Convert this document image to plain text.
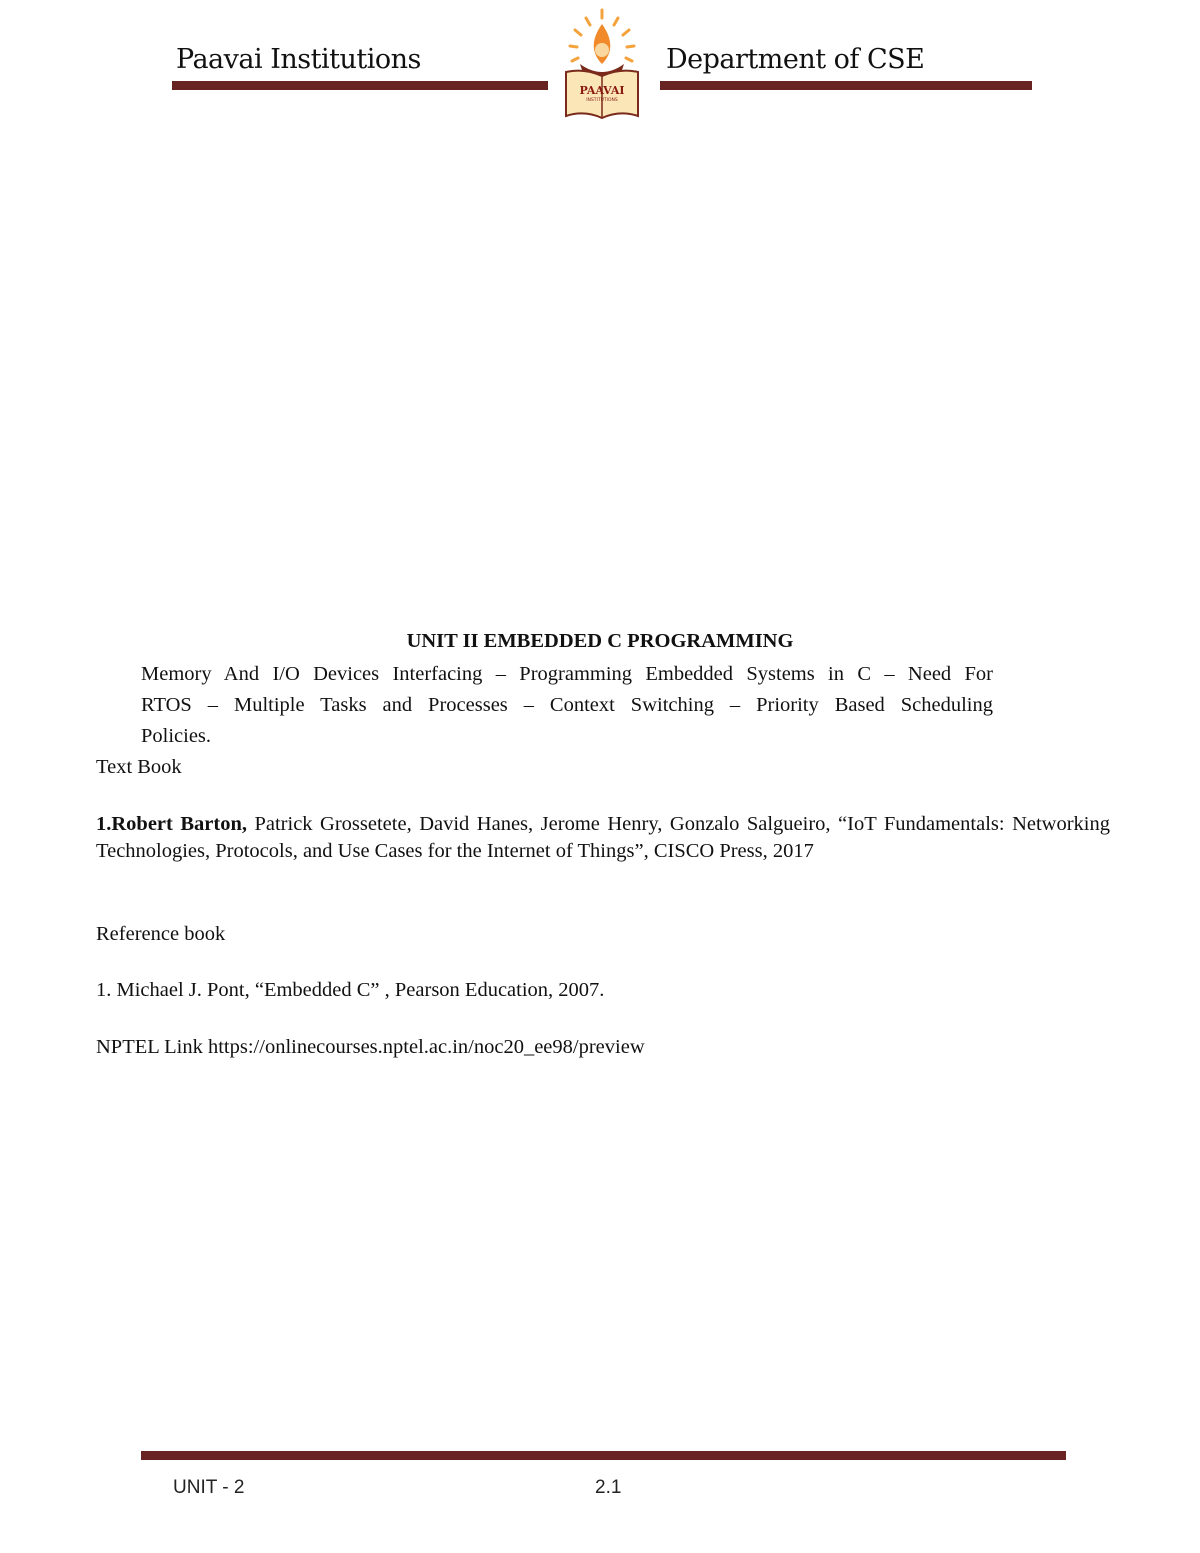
Paavai Institutions
PAAVAI
INSTITUTIONS
Department of CSE
UNIT II EMBEDDED C PROGRAMMING
Memory And I/O Devices Interfacing – Programming Embedded Systems in C – Need For
RTOS – Multiple Tasks and Processes – Context Switching – Priority Based Scheduling
Policies.
Text Book
1.Robert Barton, Patrick Grossetete, David Hanes, Jerome Henry, Gonzalo Salgueiro, “IoT Fundamentals: Networking Technologies, Protocols, and Use Cases for the Internet of Things”, CISCO Press, 2017
Reference book
1. Michael J. Pont, “Embedded C” , Pearson Education, 2007.
NPTEL Link https://onlinecourses.nptel.ac.in/noc20_ee98/preview
UNIT - 2	2.1
